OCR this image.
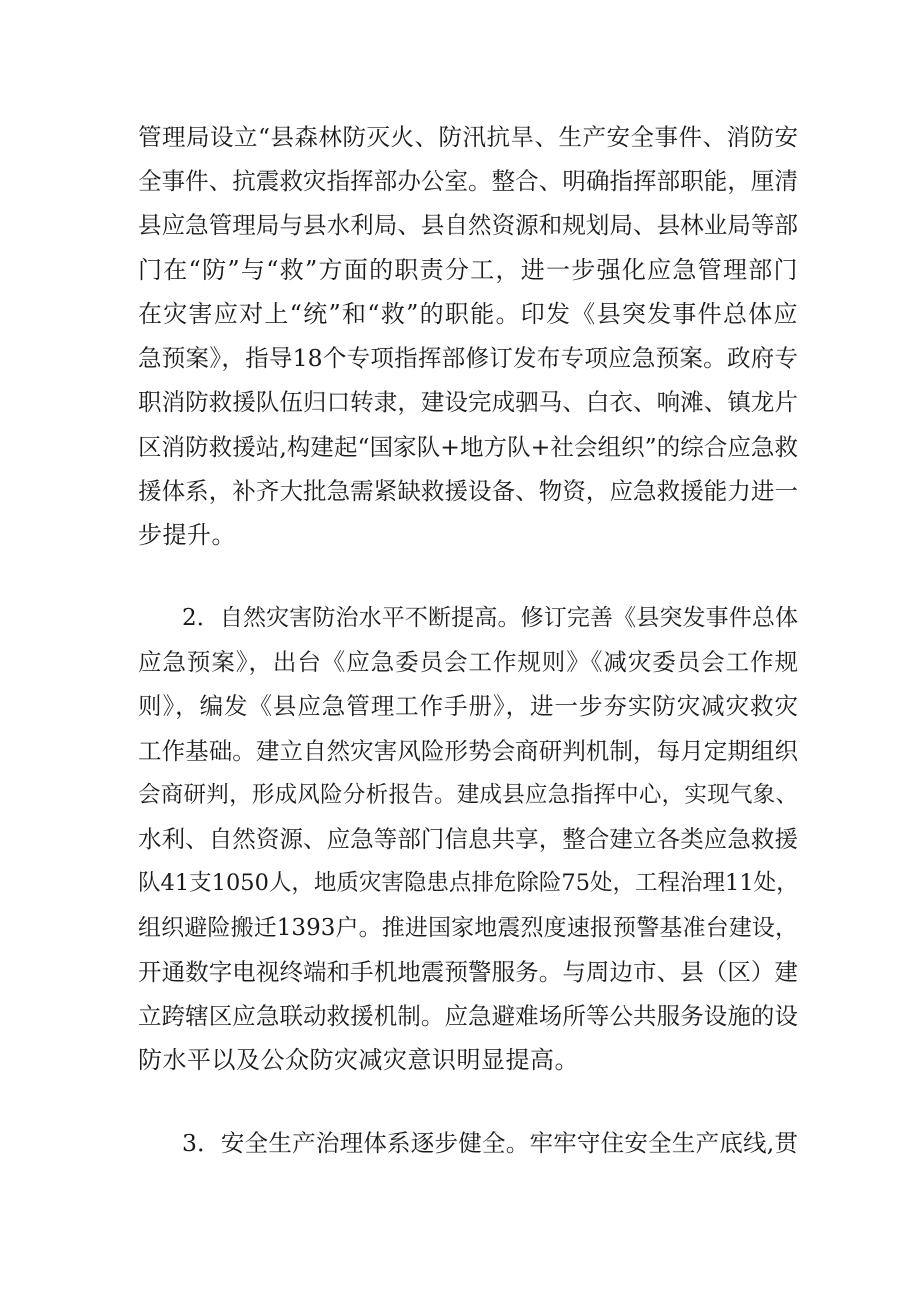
管理局设立“县森林防灭火、防汛抗旱、生产安全事件、消防安
全事件、抗震救灾指挥部办公室。整合、明确指挥部职能，厘清
县应急管理局与县水利局、县自然资源和规划局、县林业局等部
门在“防”与“救”方面的职责分工，进一步强化应急管理部门
在灾害应对上“统”和“救”的职能。印发《县突发事件总体应
急预案》，指导18个专项指挥部修订发布专项应急预案。政府专
职消防救援队伍归口转隶，建设完成驷马、白衣、响滩、镇龙片
区消防救援站,构建起“国家队+地方队+社会组织”的综合应急救
援体系，补齐大批急需紧缺救援设备、物资，应急救援能力进一
步提升。
2．自然灾害防治水平不断提高。修订完善《县突发事件总体
应急预案》，出台《应急委员会工作规则》《减灾委员会工作规
则》，编发《县应急管理工作手册》，进一步夯实防灾减灾救灾
工作基础。建立自然灾害风险形势会商研判机制，每月定期组织
会商研判，形成风险分析报告。建成县应急指挥中心，实现气象、
水利、自然资源、应急等部门信息共享，整合建立各类应急救援
队41支1050人，地质灾害隐患点排危除险75处，工程治理11处，
组织避险搬迁1393户。推进国家地震烈度速报预警基准台建设，
开通数字电视终端和手机地震预警服务。与周边市、县（区）建
立跨辖区应急联动救援机制。应急避难场所等公共服务设施的设
防水平以及公众防灾减灾意识明显提高。
3．安全生产治理体系逐步健全。牢牢守住安全生产底线,贯
